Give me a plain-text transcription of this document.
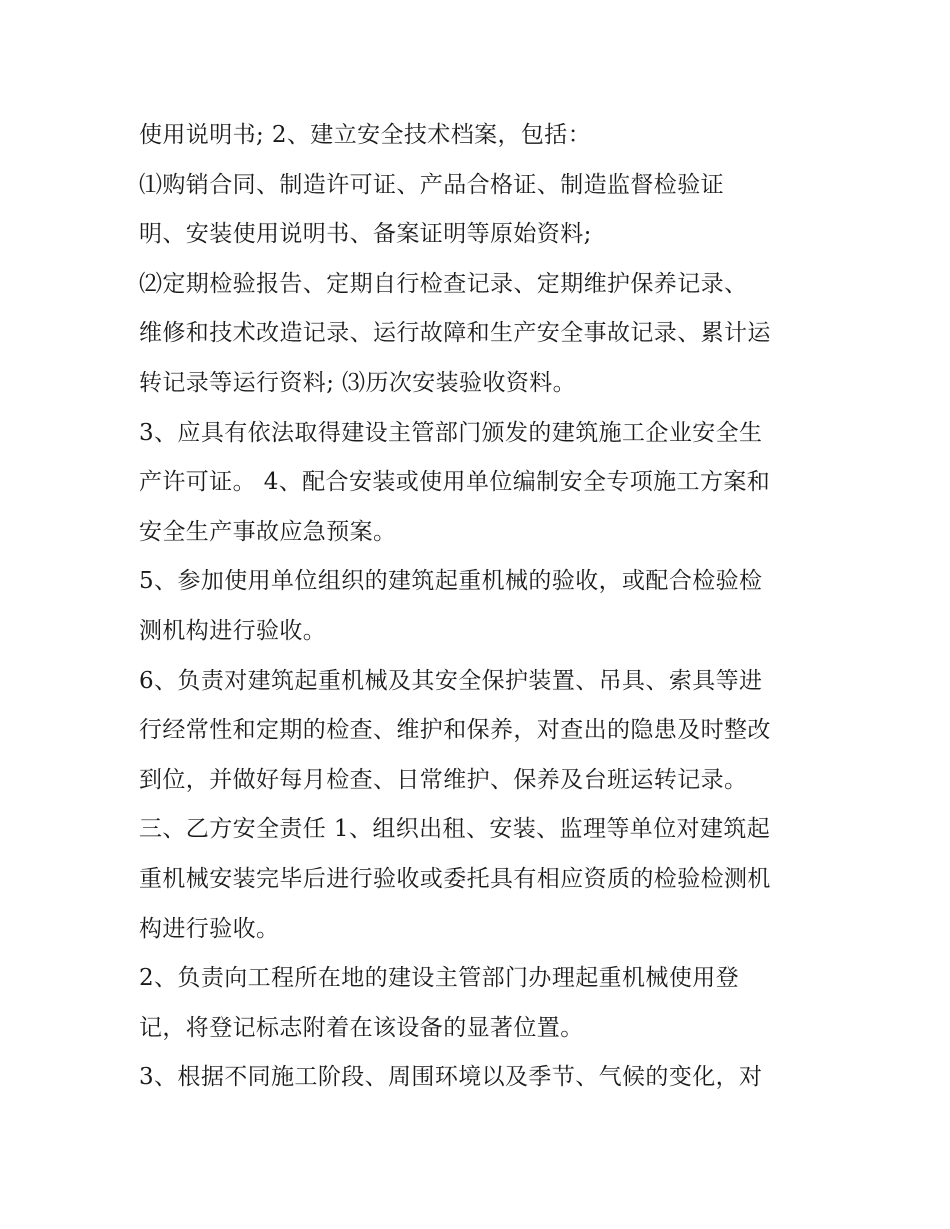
使用说明书; 2、建立安全技术档案，包括：
⑴购销合同、制造许可证、产品合格证、制造监督检验证
明、安装使用说明书、备案证明等原始资料;
⑵定期检验报告、定期自行检查记录、定期维护保养记录、
维修和技术改造记录、运行故障和生产安全事故记录、累计运
转记录等运行资料; ⑶历次安装验收资料。
3、应具有依法取得建设主管部门颁发的建筑施工企业安全生
产许可证。 4、配合安装或使用单位编制安全专项施工方案和
安全生产事故应急预案。
5、参加使用单位组织的建筑起重机械的验收，或配合检验检
测机构进行验收。
6、负责对建筑起重机械及其安全保护装置、吊具、索具等进
行经常性和定期的检查、维护和保养，对查出的隐患及时整改
到位，并做好每月检查、日常维护、保养及台班运转记录。
三、乙方安全责任 1、组织出租、安装、监理等单位对建筑起
重机械安装完毕后进行验收或委托具有相应资质的检验检测机
构进行验收。
2、负责向工程所在地的建设主管部门办理起重机械使用登
记，将登记标志附着在该设备的显著位置。
3、根据不同施工阶段、周围环境以及季节、气候的变化，对
